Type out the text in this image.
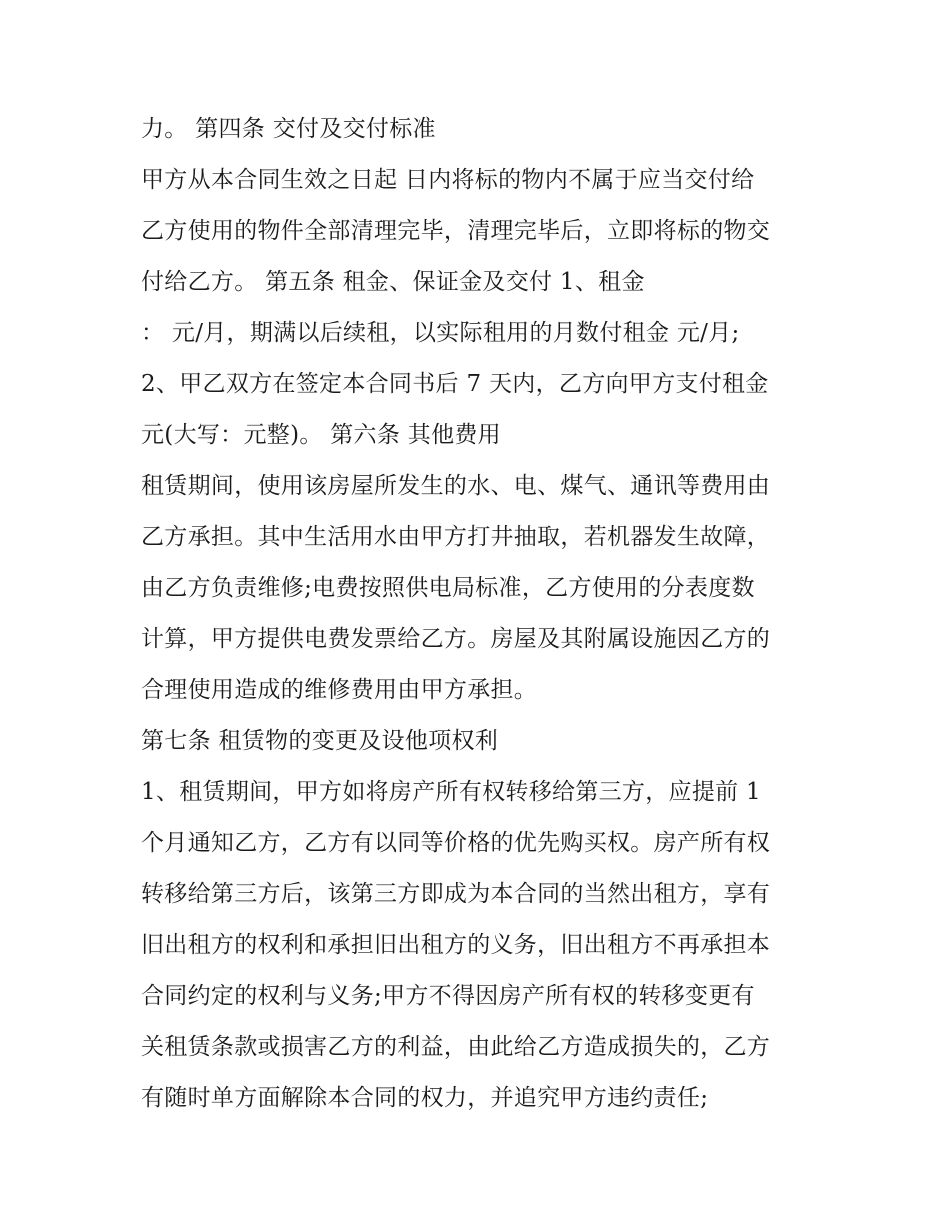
力。 第四条 交付及交付标准
甲方从本合同生效之日起 日内将标的物内不属于应当交付给
乙方使用的物件全部清理完毕，清理完毕后，立即将标的物交
付给乙方。 第五条 租金、保证金及交付 1、租金
： 元/月，期满以后续租，以实际租用的月数付租金 元/月;
2、甲乙双方在签定本合同书后 7 天内，乙方向甲方支付租金
元(大写：元整)。 第六条 其他费用
租赁期间，使用该房屋所发生的水、电、煤气、通讯等费用由
乙方承担。其中生活用水由甲方打井抽取，若机器发生故障，
由乙方负责维修;电费按照供电局标准，乙方使用的分表度数
计算，甲方提供电费发票给乙方。房屋及其附属设施因乙方的
合理使用造成的维修费用由甲方承担。
第七条 租赁物的变更及设他项权利
1、租赁期间，甲方如将房产所有权转移给第三方，应提前 1
个月通知乙方，乙方有以同等价格的优先购买权。房产所有权
转移给第三方后，该第三方即成为本合同的当然出租方，享有
旧出租方的权利和承担旧出租方的义务，旧出租方不再承担本
合同约定的权利与义务;甲方不得因房产所有权的转移变更有
关租赁条款或损害乙方的利益，由此给乙方造成损失的，乙方
有随时单方面解除本合同的权力，并追究甲方违约责任;
